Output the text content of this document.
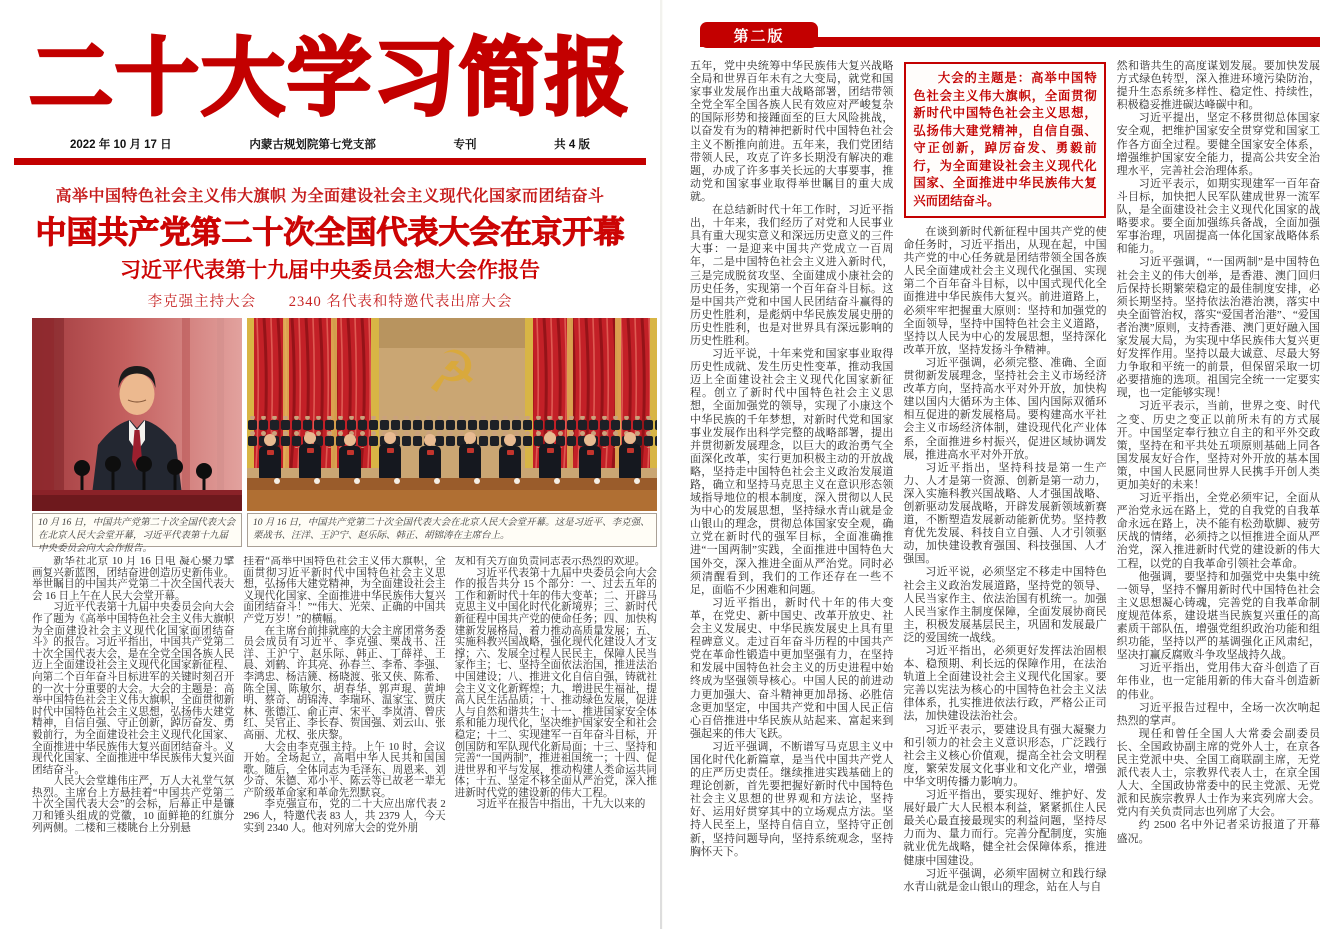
二十大学习简报
2022 年 10 月 17 日	内蒙古规划院第七党支部	专刊	共 4 版
高举中国特色社会主义伟大旗帜 为全面建设社会主义现代化国家而团结奋斗
中国共产党第二十次全国代表大会在京开幕
习近平代表第十九届中央委员会想大会作报告
李克强主持大会 2340 名代表和特邀代表出席大会
☭
10 月 16 日，中国共产党第二十次全国代表大会在北京人民大会堂开幕，习近平代表第十九届中央委员会向大会作报告。
10 月 16 日，中国共产党第二十次全国代表大会在北京人民大会堂开幕。这是习近平、李克强、栗战书、汪洋、王沪宁、赵乐际、韩正、胡锦涛在主席台上。

新华社北京 10 月 16 日电 凝心聚力擘画复兴新蓝图，团结奋进创造历史新伟业。举世瞩目的中国共产党第二十次全国代表大会 16 日上午在人民大会堂开幕。

习近平代表第十九届中央委员会向大会作了题为《高举中国特色社会主义伟大旗帜 为全面建设社会主义现代化国家面团结奋斗》的报告。习近平指出，中国共产党第二十次全国代表大会，是在全党全国各族人民迈上全面建设社会主义现代化国家新征程、向第二个百年奋斗目标进军的关键时刻召开的一次十分重要的大会。大会的主题是：高举中国特色社会主义伟大旗帜，全面贯彻新时代中国特色社会主义思想，弘扬伟大建党精神，自信自强、守正创新，踔厉奋发、勇毅前行，为全面建设社会主义现代化国家、全面推进中华民族伟大复兴面团结奋斗。义现代化国家、全面推进中华民族伟大复兴面团结奋斗。

人民大会堂雄伟庄严，万人大礼堂气氛热烈。主席台上方悬挂着“中国共产党第二十次全国代表大会”的会标，后幕正中是镰刀和锤头组成的党徽，10 面鲜艳的红旗分列两侧。二楼和三楼眺台上分别悬

挂着“高举中国特色社会主义伟大旗帜，全面贯彻习近平新时代中国特色社会主义思想，弘扬伟大建党精神，为全面建设社会主义现代化国家、全面推进中华民族伟大复兴面团结奋斗！”“伟大、光荣、正确的中国共产党万岁！”的横幅。

在主席台前排就座的大会主席团常务委员会成员有习近平、李克强、栗战书、汪洋、王沪宁、赵乐际、韩正、丁薛祥、王晨、刘鹤、许其亮、孙春兰、李希、李强、李鸿忠、杨洁篪、杨晓渡、张又侠、陈希、陈全国、陈敏尔、胡春华、郭声琨、黄坤明、蔡奇、胡锦涛、李瑞环、温家宝、贾庆林、张德江、俞正声、宋平、李岚清、曾庆红、吴官正、李长春、贺国强、刘云山、张高丽、尤权、张庆黎。

大会由李克强主持。上午 10 时，会议开始。全场起立，高唱中华人民共和国国歌。随后，全体同志为毛泽东、周恩来、刘少奇、朱德、邓小平、陈云等已故老一辈无产阶级革命家和革命先烈默哀。

李克强宣布，党的二十大应出席代表 2296 人，特邀代表 83 人，共 2379 人，今天实到 2340 人。他对列席大会的党外朋

友和有关方面负责同志表示热烈的欢迎。

习近平代表第十九届中央委员会向大会作的报告共分 15 个部分：一、过去五年的工作和新时代十年的伟大变革；二、开辟马克思主义中国化时代化新境界；三、新时代新征程中国共产党的使命任务；四、加快构建新发展格局，着力推动高质量发展；五、实施科教兴国战略，强化现代化建设人才支撑；六、发展全过程人民民主，保障人民当家作主；七、坚持全面依法治国，推进法治中国建设；八、推进文化自信自强，铸就社会主义文化新辉煌；九、增进民生福祉，提高人民生活品质；十、推动绿色发展，促进人与自然和谐共生；十一、推进国家安全体系和能力现代化，坚决维护国家安全和社会稳定；十二、实现建军一百年奋斗目标，开创国防和军队现代化新局面；十三、坚持和完善“一国两制”，推进祖国统一；十四、促进世界和平与发展，推动构建人类命运共同体；十五、坚定不移全面从严治党，深入推进新时代党的建设新的伟大工程。

习近平在报告中指出，十九大以来的

第二版

五年，党中央统筹中华民族伟大复兴战略全局和世界百年未有之大变局，就党和国家事业发展作出重大战略部署，团结带领全党全军全国各族人民有效应对严峻复杂的国际形势和接踵面至的巨大风险挑战，以奋发有为的精神把新时代中国特色社会主义不断推向前进。五年来，我们党团结带领人民，攻克了许多长期没有解决的难题，办成了许多事关长远的大事要事，推动党和国家事业取得举世瞩目的重大成就。

在总结新时代十年工作时，习近平指出，十年来，我们经历了对党和人民事业具有重大现实意义和深远历史意义的三件大事：一是迎来中国共产党成立一百周年，二是中国特色社会主义进入新时代，三是完成脱贫攻坚、全面建成小康社会的历史任务，实现第一个百年奋斗目标。这是中国共产党和中国人民团结奋斗赢得的历史性胜利，是彪炳中华民族发展史册的历史性胜利，也是对世界具有深远影响的历史性胜利。

习近平说，十年来党和国家事业取得历史性成就、发生历史性变革，推动我国迈上全面建设社会主义现代化国家新征程。创立了新时代中国特色社会主义思想，全面加强党的领导，实现了小康这个中华民族的千年梦想，对新时代党和国家事业发展作出科学完整的战略部署，提出并贯彻新发展理念，以巨大的政治勇气全面深化改革，实行更加积极主动的开放战略，坚持走中国特色社会主义政治发展道路，确立和坚持马克思主义在意识形态领域指导地位的根本制度，深入贯彻以人民为中心的发展思想，坚持绿水青山就是金山银山的理念，贯彻总体国家安全观，确立党在新时代的强军目标，全面准确推进“一国两制”实践，全面推进中国特色大国外交，深入推进全面从严治党。同时必须清醒看到，我们的工作还存在一些不足，面临不少困难和问题。

习近平指出，新时代十年的伟大变革，在党史、新中国史、改革开放史、社会主义发展史、中华民族发展史上具有里程碑意义。走过百年奋斗历程的中国共产党在革命性锻造中更加坚强有力，在坚持和发展中国特色社会主义的历史进程中始终成为坚强领导核心。中国人民的前进动力更加强大、奋斗精神更加昂扬、必胜信念更加坚定，中国共产党和中国人民正信心百倍推进中华民族从站起来、富起来到强起来的伟大飞跃。

习近平强调，不断谱写马克思主义中国化时代化新篇章，是当代中国共产党人的庄严历史责任。继续推进实践基础上的理论创新，首先要把握好新时代中国特色社会主义思想的世界观和方法论，坚持好、运用好贯穿其中的立场观点方法。坚持人民至上，坚持自信自立，坚持守正创新，坚持问题导向，坚持系统观念，坚持胸怀天下。

大会的主题是：高举中国特色社会主义伟大旗帜，全面贯彻新时代中国特色社会主义思想，弘扬伟大建党精神，自信自强、守正创新，踔厉奋发、勇毅前行，为全面建设社会主义现代化国家、全面推进中华民族伟大复兴而团结奋斗。

在谈到新时代新征程中国共产党的使命任务时，习近平指出，从现在起，中国共产党的中心任务就是团结带领全国各族人民全面建成社会主义现代化强国、实现第二个百年奋斗目标，以中国式现代化全面推进中华民族伟大复兴。前进道路上，必须牢牢把握重大原则：坚持和加强党的全面领导，坚持中国特色社会主义道路，坚持以人民为中心的发展思想，坚持深化改革开放，坚持发扬斗争精神。

习近平强调，必须完整、准确、全面贯彻新发展理念，坚持社会主义市场经济改革方向，坚持高水平对外开放，加快构建以国内大循环为主体、国内国际双循环相互促进的新发展格局。要构建高水平社会主义市场经济体制，建设现代化产业体系，全面推进乡村振兴，促进区域协调发展，推进高水平对外开放。

习近平指出，坚持科技是第一生产力、人才是第一资源、创新是第一动力，深入实施科教兴国战略、人才强国战略、创新驱动发展战略，开辟发展新领域新赛道，不断塑造发展新动能新优势。坚持教育优先发展、科技自立自强、人才引领驱动，加快建设教育强国、科技强国、人才强国。

习近平说，必须坚定不移走中国特色社会主义政治发展道路，坚持党的领导、人民当家作主、依法治国有机统一。加强人民当家作主制度保障，全面发展协商民主，积极发展基层民主，巩固和发展最广泛的爱国统一战线。

习近平指出，必须更好发挥法治固根本、稳预期、利长远的保障作用，在法治轨道上全面建设社会主义现代化国家。要完善以宪法为核心的中国特色社会主义法律体系，扎实推进依法行政，严格公正司法，加快建设法治社会。

习近平表示，要建设具有强大凝聚力和引领力的社会主义意识形态，广泛践行社会主义核心价值观，提高全社会文明程度，繁荣发展文化事业和文化产业，增强中华文明传播力影响力。

习近平指出，要实现好、维护好、发展好最广大人民根本利益，紧紧抓住人民最关心最直接最现实的利益问题，坚持尽力而为、量力而行。完善分配制度，实施就业优先战略，健全社会保障体系，推进健康中国建设。

习近平强调，必须牢固树立和践行绿水青山就是金山银山的理念，站在人与自

然和谐共生的高度谋划发展。要加快发展方式绿色转型，深入推进环境污染防治，提升生态系统多样性、稳定性、持续性，积极稳妥推进碳达峰碳中和。

习近平提出，坚定不移贯彻总体国家安全观，把维护国家安全贯穿党和国家工作各方面全过程。要健全国家安全体系，增强维护国家安全能力，提高公共安全治理水平，完善社会治理体系。

习近平表示，如期实现建军一百年奋斗目标，加快把人民军队建成世界一流军队，是全面建设社会主义现代化国家的战略要求。要全面加强练兵备战，全面加强军事治理，巩固提高一体化国家战略体系和能力。

习近平强调，“一国两制”是中国特色社会主义的伟大创举，是香港、澳门回归后保持长期繁荣稳定的最佳制度安排，必须长期坚持。坚持依法治港治澳，落实中央全面管治权，落实“爱国者治港”、“爱国者治澳”原则，支持香港、澳门更好融入国家发展大局，为实现中华民族伟大复兴更好发挥作用。坚持以最大诚意、尽最大努力争取和平统一的前景，但保留采取一切必要措施的选项。祖国完全统一一定要实现，也一定能够实现！

习近平表示，当前，世界之变、时代之变、历史之变正以前所未有的方式展开。中国坚定奉行独立自主的和平外交政策，坚持在和平共处五项原则基础上同各国发展友好合作，坚持对外开放的基本国策，中国人民愿同世界人民携手开创人类更加美好的未来！

习近平指出，全党必须牢记，全面从严治党永远在路上，党的自我党的自我革命永远在路上，决不能有松劲歇脚、疲劳厌战的情绪，必须持之以恒推进全面从严治党，深入推进新时代党的建设新的伟大工程，以党的自我革命引领社会革命。

他强调，要坚持和加强党中央集中统一领导，坚持不懈用新时代中国特色社会主义思想凝心铸魂，完善党的自我革命制度规范体系，建设堪当民族复兴重任的高素质干部队伍，增强党组织政治功能和组织功能，坚持以严的基调强化正风肃纪，坚决打赢反腐败斗争攻坚战持久战。

习近平指出，党用伟大奋斗创造了百年伟业，也一定能用新的伟大奋斗创造新的伟业。

习近平报告过程中，全场一次次响起热烈的掌声。

现任和曾任全国人大常委会副委员长、全国政协副主席的党外人士，在京各民主党派中央、全国工商联副主席，无党派代表人士，宗教界代表人士，在京全国人大、全国政协常委中的民主党派、无党派和民族宗教界人士作为来宾列席大会。党内有关负责同志也列席了大会。

约 2500 名中外记者采访报道了开幕盛况。
